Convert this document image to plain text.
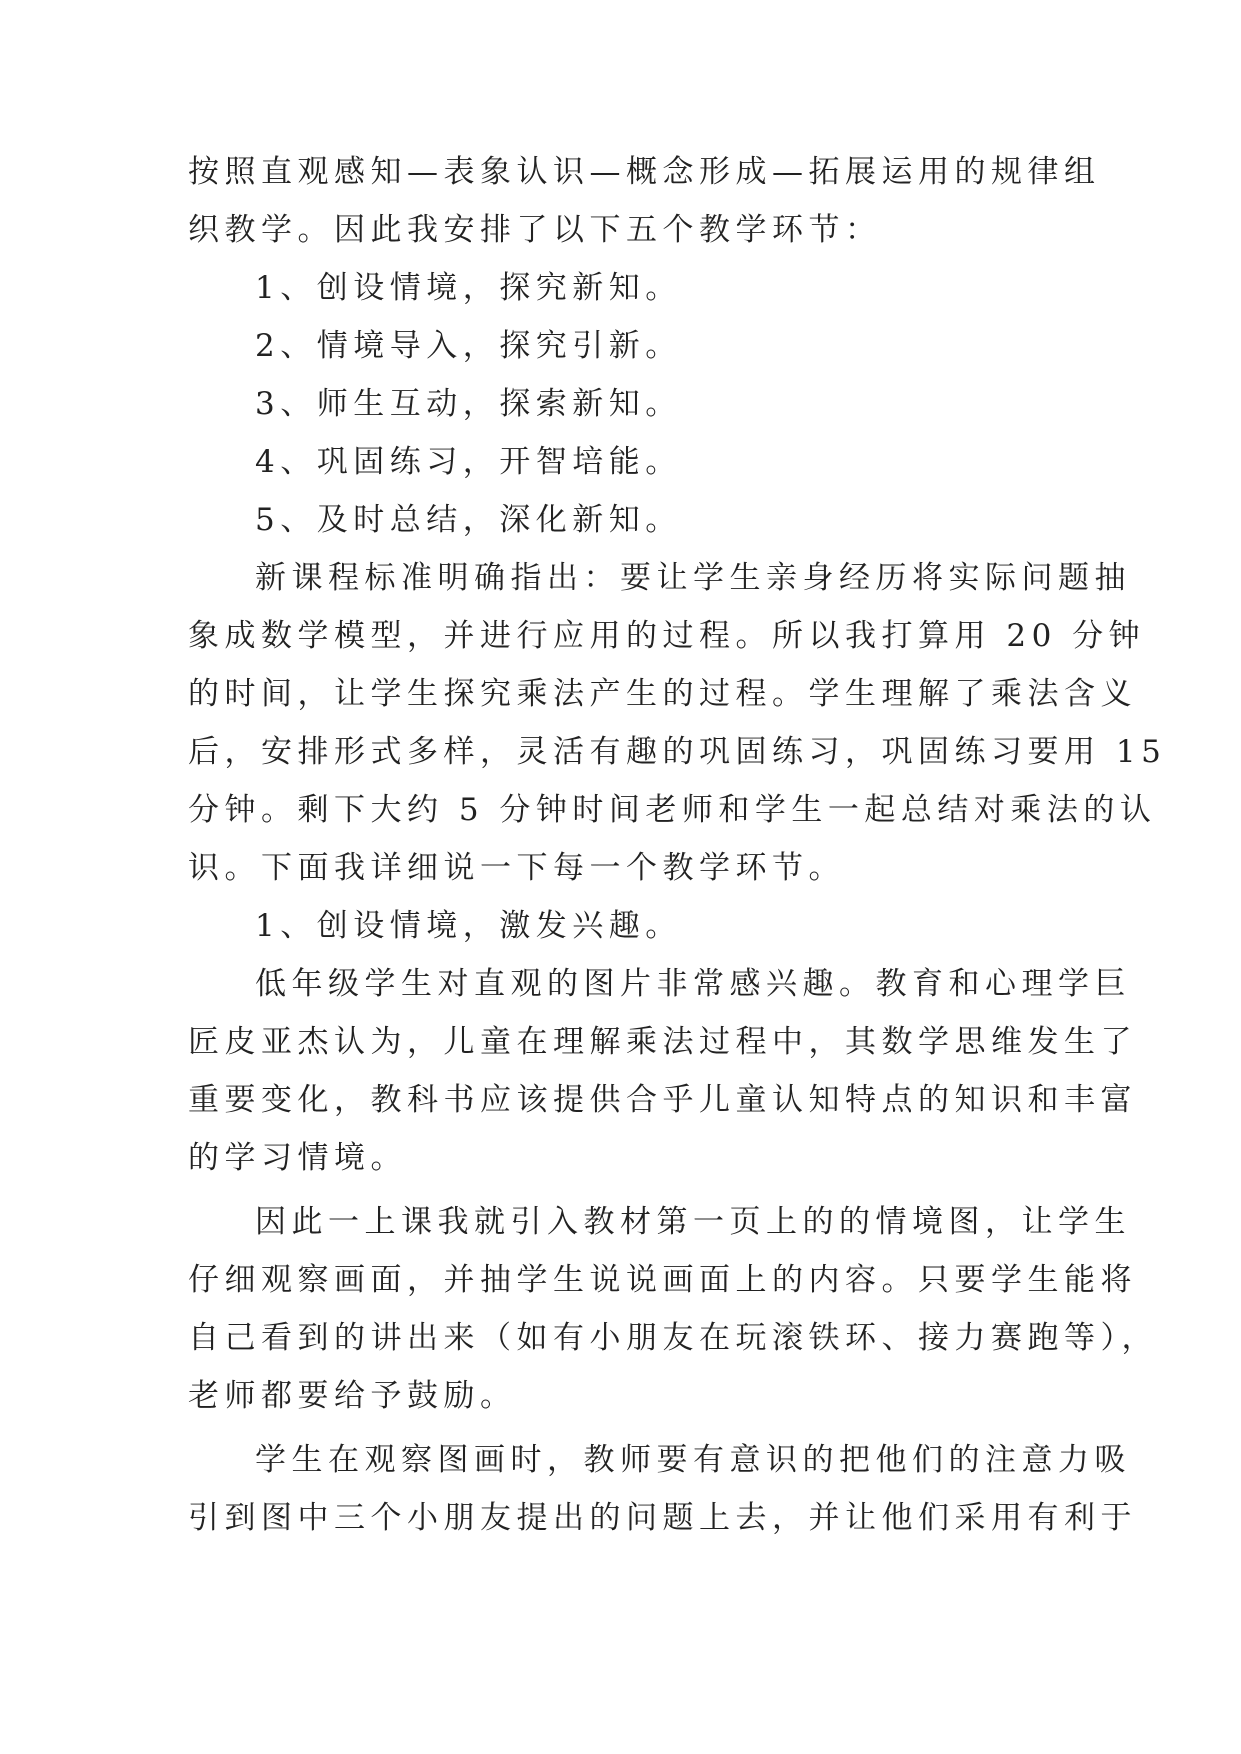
按照直观感知—表象认识—概念形成—拓展运用的规律组
织教学。因此我安排了以下五个教学环节：
1、创设情境，探究新知。
2、情境导入，探究引新。
3、师生互动，探索新知。
4、巩固练习，开智培能。
5、及时总结，深化新知。
新课程标准明确指出：要让学生亲身经历将实际问题抽
象成数学模型，并进行应用的过程。所以我打算用 20 分钟
的时间，让学生探究乘法产生的过程。学生理解了乘法含义
后，安排形式多样，灵活有趣的巩固练习，巩固练习要用 15
分钟。剩下大约 5 分钟时间老师和学生一起总结对乘法的认
识。下面我详细说一下每一个教学环节。
1、创设情境，激发兴趣。
低年级学生对直观的图片非常感兴趣。教育和心理学巨
匠皮亚杰认为，儿童在理解乘法过程中，其数学思维发生了
重要变化，教科书应该提供合乎儿童认知特点的知识和丰富
的学习情境。
因此一上课我就引入教材第一页上的的情境图，让学生
仔细观察画面，并抽学生说说画面上的内容。只要学生能将
自己看到的讲出来（如有小朋友在玩滚铁环、接力赛跑等），
老师都要给予鼓励。
学生在观察图画时，教师要有意识的把他们的注意力吸
引到图中三个小朋友提出的问题上去，并让他们采用有利于
